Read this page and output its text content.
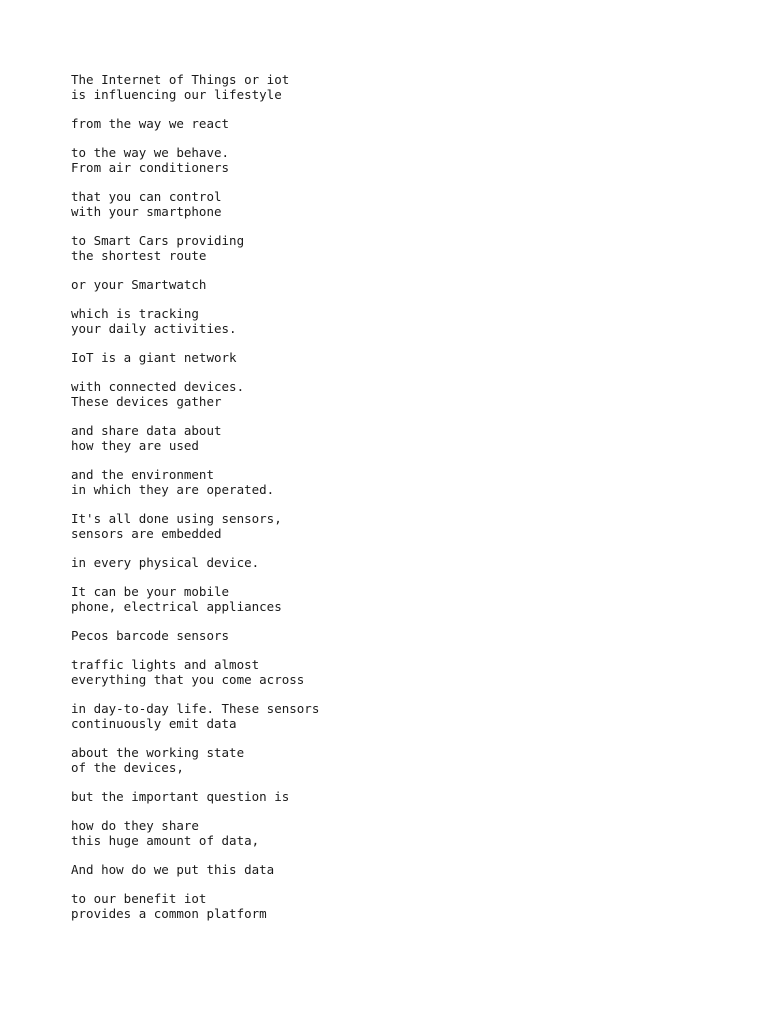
The Internet of Things or iot
is influencing our lifestyle
from the way we react
to the way we behave.
From air conditioners
that you can control
with your smartphone
to Smart Cars providing
the shortest route
or your Smartwatch
which is tracking
your daily activities.
IoT is a giant network
with connected devices.
These devices gather
and share data about
how they are used
and the environment
in which they are operated.
It's all done using sensors,
sensors are embedded
in every physical device.
It can be your mobile
phone, electrical appliances
Pecos barcode sensors
traffic lights and almost
everything that you come across
in day-to-day life. These sensors
continuously emit data
about the working state
of the devices,
but the important question is
how do they share
this huge amount of data,
And how do we put this data
to our benefit iot
provides a common platform
